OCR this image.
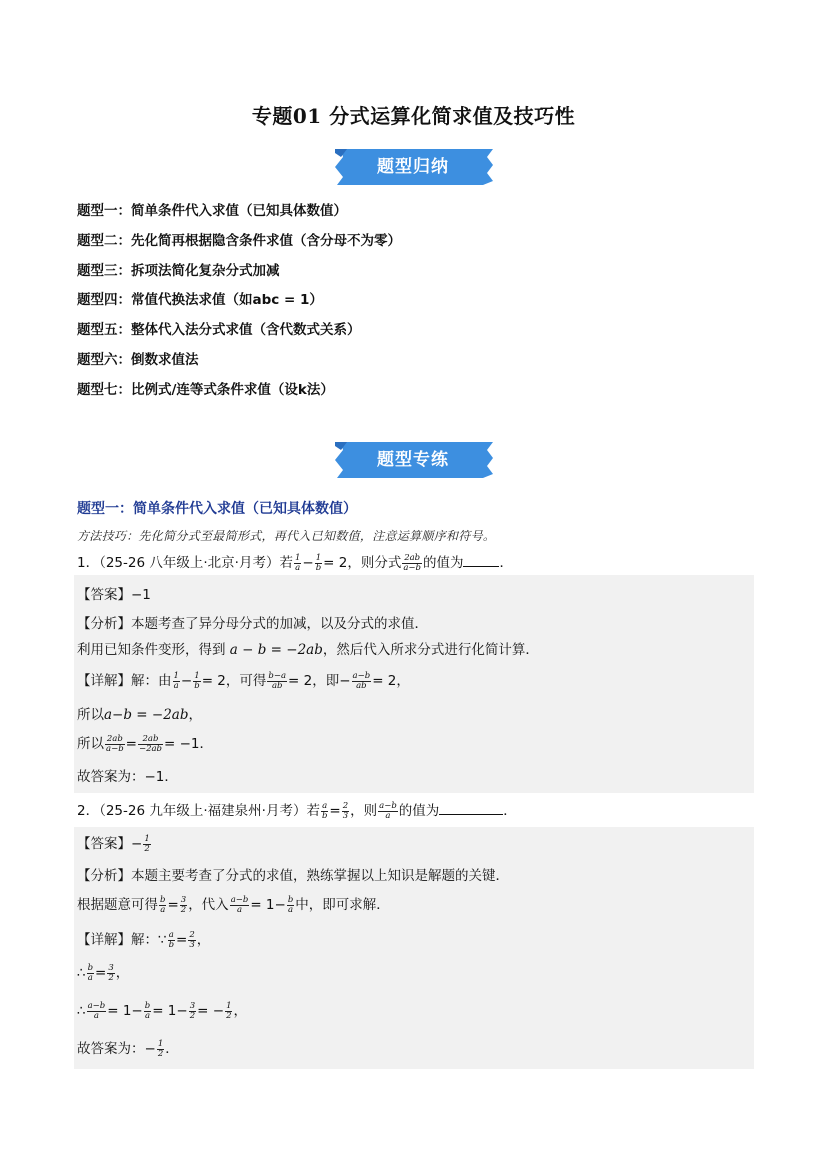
专题01 分式运算化简求值及技巧性
题型归纳
题型一：简单条件代入求值（已知具体数值）
题型二：先化简再根据隐含条件求值（含分母不为零）
题型三：拆项法简化复杂分式加减
题型四：常值代换法求值（如abc = 1）
题型五：整体代入法分式求值（含代数式关系）
题型六：倒数求值法
题型七：比例式/连等式条件求值（设k法）
题型专练
题型一：简单条件代入求值（已知具体数值）
方法技巧：先化简分式至最简形式，再代入已知数值，注意运算顺序和符号。
1．（25-26 八年级上·北京·月考）若 $\frac{1}{a} - \frac{1}{b} = 2$，则分式 $\frac{2ab}{a-b}$ 的值为	．
【答案】−1
【分析】本题考查了异分母分式的加减，以及分式的求值．
利用已知条件变形，得到 a − b = −2ab，然后代入所求分式进行化简计算．
【详解】解：由 $\frac{1}{a} - \frac{1}{b} = 2$，可得 $\frac{b-a}{ab} = 2$，即− $\frac{a-b}{ab} = 2$，
所以a−b = −2ab，
所以 $\frac{2ab}{a-b} = \frac{2ab}{-2ab} = -1$．
故答案为：−1．
2．（25-26 九年级上·福建泉州·月考）若 $\frac{a}{b} = \frac{2}{3}$ ，则 $\frac{a-b}{a}$ 的值为	．
【答案】− $\frac{1}{2}$
【分析】本题主要考查了分式的求值，熟练掌握以上知识是解题的关键．
根据题意可得 $\frac{b}{a} = \frac{3}{2}$ ，代入 $\frac{a-b}{a} = 1- \frac{b}{a}$ 中，即可求解．
【详解】解：∵ $\frac{a}{b} = \frac{2}{3}$ ，
∴ $\frac{b}{a} = \frac{3}{2}$ ，
∴ $\frac{a-b}{a} = 1- \frac{b}{a} = 1- \frac{3}{2}$ = − $\frac{1}{2}$ ，
故答案为：− $\frac{1}{2}$ ．
